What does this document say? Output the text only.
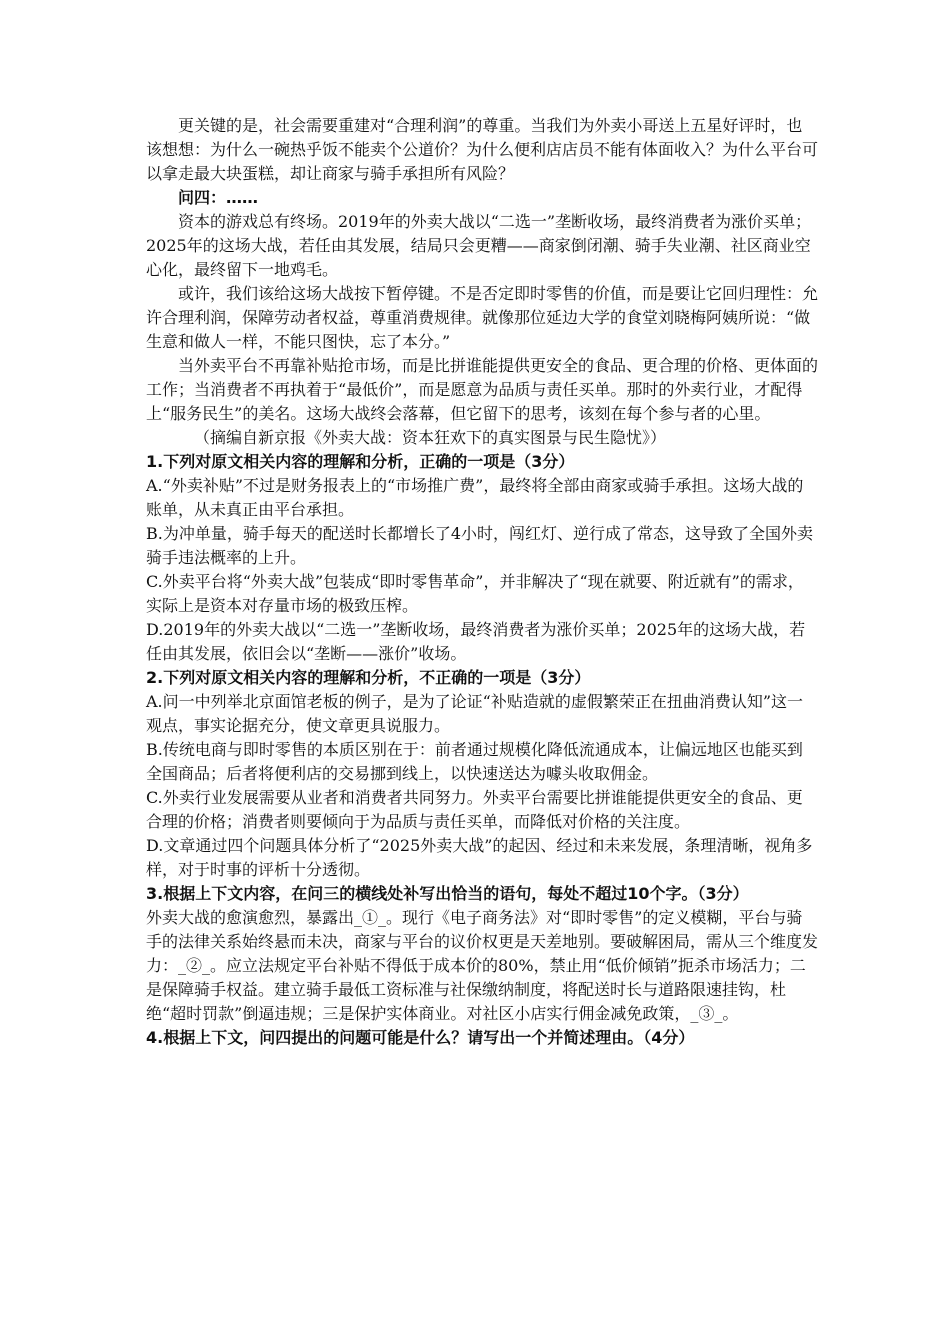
更关键的是，社会需要重建对“合理利润”的尊重。当我们为外卖小哥送上五星好评时，也该想想：为什么一碗热乎饭不能卖个公道价？为什么便利店店员不能有体面收入？为什么平台可以拿走最大块蛋糕，却让商家与骑手承担所有风险？

问四：……

资本的游戏总有终场。2019年的外卖大战以“二选一”垄断收场，最终消费者为涨价买单；2025年的这场大战，若任由其发展，结局只会更糟——商家倒闭潮、骑手失业潮、社区商业空心化，最终留下一地鸡毛。

或许，我们该给这场大战按下暂停键。不是否定即时零售的价值，而是要让它回归理性：允许合理利润，保障劳动者权益，尊重消费规律。就像那位延边大学的食堂刘晓梅阿姨所说：“做生意和做人一样，不能只图快，忘了本分。”

当外卖平台不再靠补贴抢市场，而是比拼谁能提供更安全的食品、更合理的价格、更体面的工作；当消费者不再执着于“最低价”，而是愿意为品质与责任买单。那时的外卖行业，才配得上“服务民生”的美名。这场大战终会落幕，但它留下的思考，该刻在每个参与者的心里。

（摘编自新京报《外卖大战：资本狂欢下的真实图景与民生隐忧》）

1.下列对原文相关内容的理解和分析，正确的一项是（3分）

A.“外卖补贴”不过是财务报表上的“市场推广费”，最终将全部由商家或骑手承担。这场大战的账单，从未真正由平台承担。

B.为冲单量，骑手每天的配送时长都增长了4小时，闯红灯、逆行成了常态，这导致了全国外卖骑手违法概率的上升。

C.外卖平台将“外卖大战”包装成“即时零售革命”，并非解决了“现在就要、附近就有”的需求，实际上是资本对存量市场的极致压榨。

D.2019年的外卖大战以“二选一”垄断收场，最终消费者为涨价买单；2025年的这场大战，若任由其发展，依旧会以“垄断——涨价”收场。

2.下列对原文相关内容的理解和分析，不正确的一项是（3分）

A.问一中列举北京面馆老板的例子，是为了论证“补贴造就的虚假繁荣正在扭曲消费认知”这一观点，事实论据充分，使文章更具说服力。

B.传统电商与即时零售的本质区别在于：前者通过规模化降低流通成本，让偏远地区也能买到全国商品；后者将便利店的交易挪到线上，以快速送达为噱头收取佣金。

C.外卖行业发展需要从业者和消费者共同努力。外卖平台需要比拼谁能提供更安全的食品、更合理的价格；消费者则要倾向于为品质与责任买单，而降低对价格的关注度。

D.文章通过四个问题具体分析了“2025外卖大战”的起因、经过和未来发展，条理清晰，视角多样，对于时事的评析十分透彻。

3.根据上下文内容，在问三的横线处补写出恰当的语句，每处不超过10个字。（3分）

外卖大战的愈演愈烈，暴露出_①_。现行《电子商务法》对“即时零售”的定义模糊，平台与骑手的法律关系始终悬而未决，商家与平台的议价权更是天差地别。要破解困局，需从三个维度发力：_②_。应立法规定平台补贴不得低于成本价的80%，禁止用“低价倾销”扼杀市场活力；二是保障骑手权益。建立骑手最低工资标准与社保缴纳制度，将配送时长与道路限速挂钩，杜绝“超时罚款”倒逼违规；三是保护实体商业。对社区小店实行佣金减免政策，_③_。

4.根据上下文，问四提出的问题可能是什么？请写出一个并简述理由。（4分）
